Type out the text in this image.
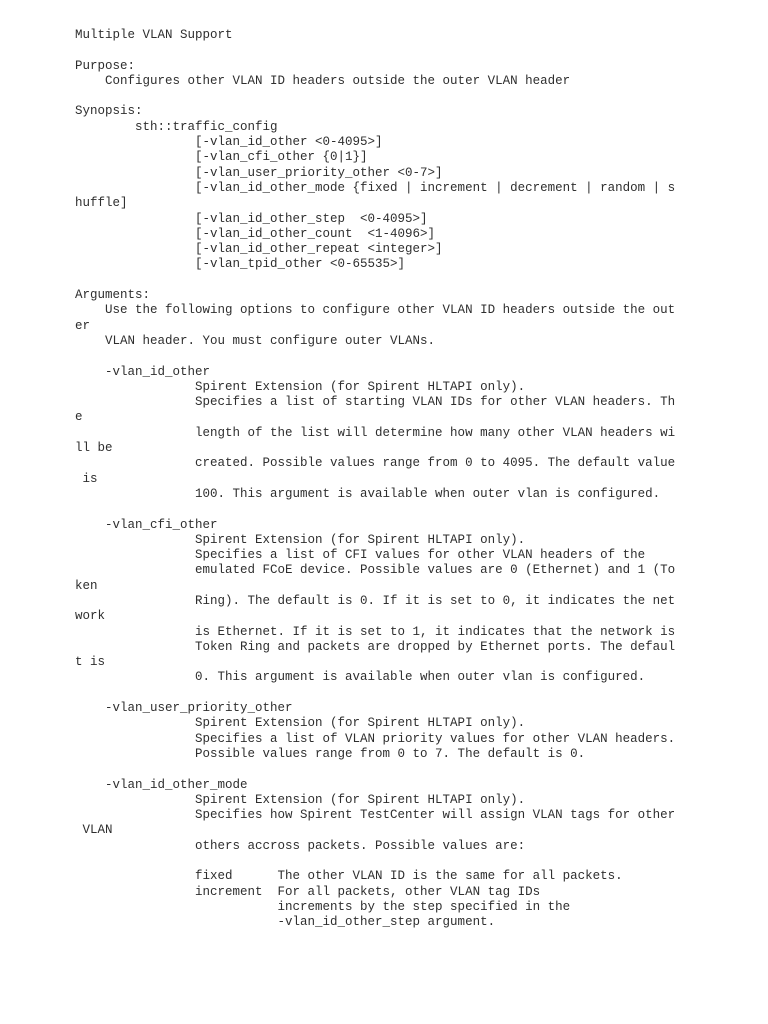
Multiple VLAN Support

Purpose:
Configures other VLAN ID headers outside the outer VLAN header

Synopsis:
sth::traffic_config
[-vlan_id_other <0-4095>]
[-vlan_cfi_other {0|1}]
[-vlan_user_priority_other <0-7>]
[-vlan_id_other_mode {fixed | increment | decrement | random | s
huffle]
[-vlan_id_other_step  <0-4095>]
[-vlan_id_other_count  <1-4096>]
[-vlan_id_other_repeat <integer>]
[-vlan_tpid_other <0-65535>]

Arguments:
Use the following options to configure other VLAN ID headers outside the out
er
VLAN header. You must configure outer VLANs.

-vlan_id_other
Spirent Extension (for Spirent HLTAPI only).
Specifies a list of starting VLAN IDs for other VLAN headers. Th
e
length of the list will determine how many other VLAN headers wi
ll be
created. Possible values range from 0 to 4095. The default value
is
100. This argument is available when outer vlan is configured.

-vlan_cfi_other
Spirent Extension (for Spirent HLTAPI only).
Specifies a list of CFI values for other VLAN headers of the
emulated FCoE device. Possible values are 0 (Ethernet) and 1 (To
ken
Ring). The default is 0. If it is set to 0, it indicates the net
work
is Ethernet. If it is set to 1, it indicates that the network is
Token Ring and packets are dropped by Ethernet ports. The defaul
t is
0. This argument is available when outer vlan is configured.

-vlan_user_priority_other
Spirent Extension (for Spirent HLTAPI only).
Specifies a list of VLAN priority values for other VLAN headers.
Possible values range from 0 to 7. The default is 0.

-vlan_id_other_mode
Spirent Extension (for Spirent HLTAPI only).
Specifies how Spirent TestCenter will assign VLAN tags for other
VLAN
others accross packets. Possible values are:

fixed      The other VLAN ID is the same for all packets.
increment  For all packets, other VLAN tag IDs
increments by the step specified in the
-vlan_id_other_step argument.
